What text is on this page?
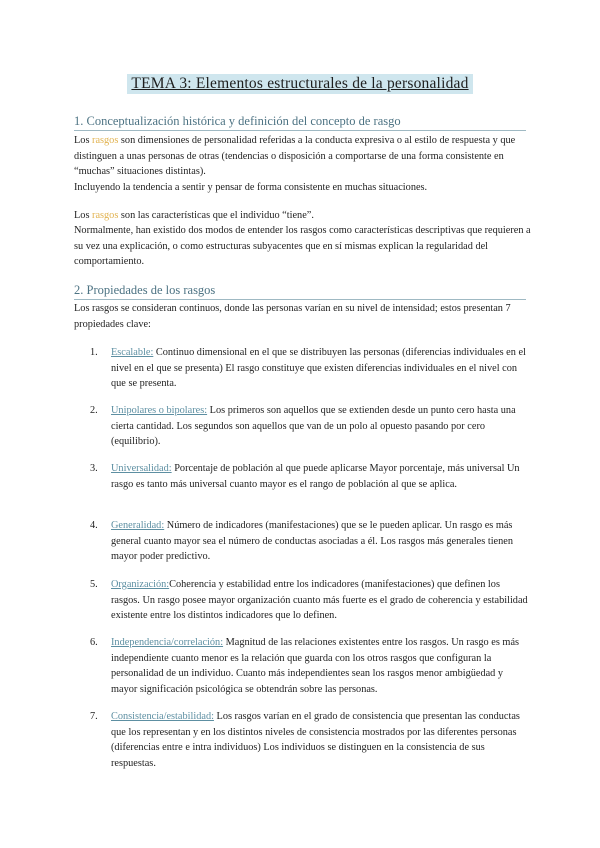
TEMA 3: Elementos estructurales de la personalidad
1. Conceptualización histórica y definición del concepto de rasgo
Los rasgos son dimensiones de personalidad referidas a la conducta expresiva o al estilo de respuesta y que distinguen a unas personas de otras (tendencias o disposición a comportarse de una forma consistente en “muchas” situaciones distintas).
Incluyendo la tendencia a sentir y pensar de forma consistente en muchas situaciones.
Los rasgos son las características que el individuo “tiene”.
Normalmente, han existido dos modos de entender los rasgos como características descriptivas que requieren a su vez una explicación, o como estructuras subyacentes que en sí mismas explican la regularidad del comportamiento.
2. Propiedades de los rasgos
Los rasgos se consideran continuos, donde las personas varían en su nivel de intensidad; estos presentan 7 propiedades clave:
1.	Escalable: Continuo dimensional en el que se distribuyen las personas (diferencias individuales en el nivel en el que se presenta) El rasgo constituye que existen diferencias individuales en el nivel con que se presenta.
2.	Unipolares o bipolares: Los primeros son aquellos que se extienden desde un punto cero hasta una cierta cantidad. Los segundos son aquellos que van de un polo al opuesto pasando por cero (equilibrio).
3.	Universalidad: Porcentaje de población al que puede aplicarse Mayor porcentaje, más universal Un rasgo es tanto más universal cuanto mayor es el rango de población al que se aplica.
4.	Generalidad: Número de indicadores (manifestaciones) que se le pueden aplicar. Un rasgo es más general cuanto mayor sea el número de conductas asociadas a él. Los rasgos más generales tienen mayor poder predictivo.
5.	Organización:Coherencia y estabilidad entre los indicadores (manifestaciones) que definen los rasgos. Un rasgo posee mayor organización cuanto más fuerte es el grado de coherencia y estabilidad existente entre los distintos indicadores que lo definen.
6.	Independencia/correlación: Magnitud de las relaciones existentes entre los rasgos. Un rasgo es más independiente cuanto menor es la relación que guarda con los otros rasgos que configuran la personalidad de un individuo. Cuanto más independientes sean los rasgos menor ambigüedad y mayor significación psicológica se obtendrán sobre las personas.
7.	Consistencia/estabilidad: Los rasgos varían en el grado de consistencia que presentan las conductas que los representan y en los distintos niveles de consistencia mostrados por las diferentes personas (diferencias entre e intra individuos) Los individuos se distinguen en la consistencia de sus respuestas.
